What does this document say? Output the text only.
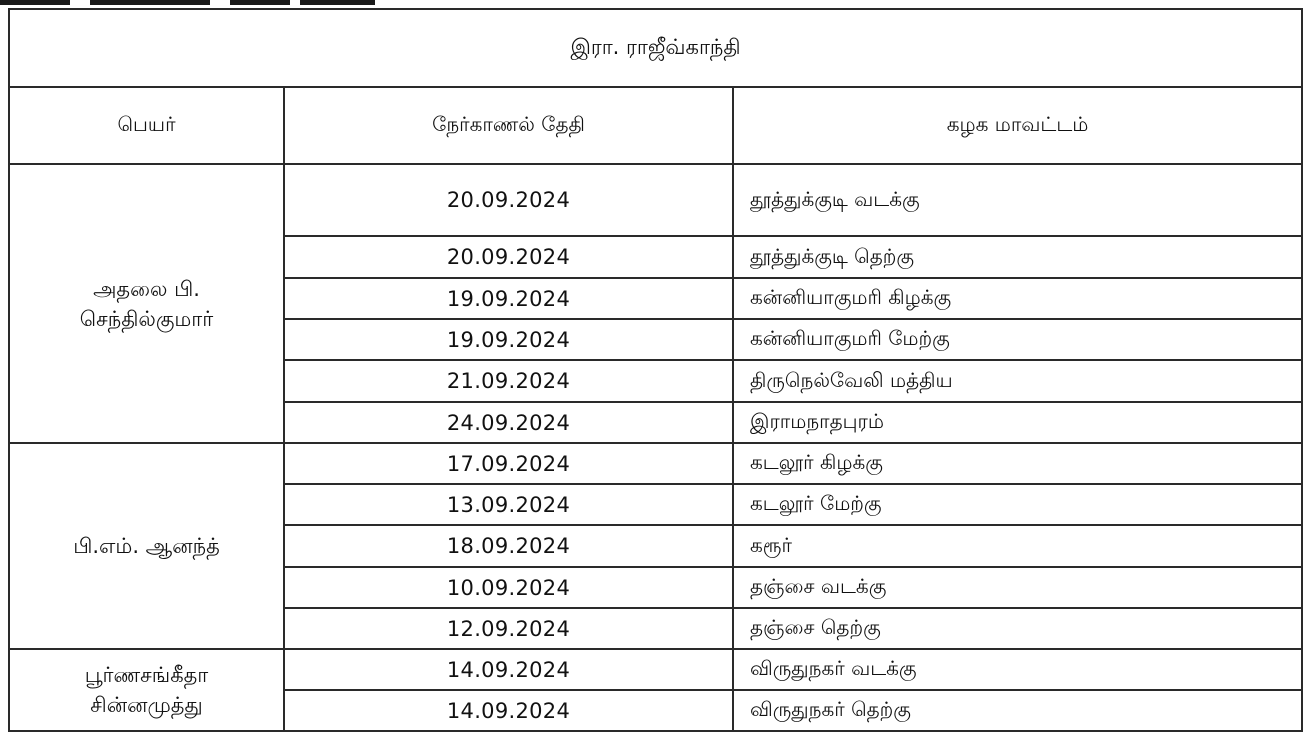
இரா. ராஜீவ்காந்தி		
பெயர்	நேர்காணல் தேதி	கழக மாவட்டம்

அதலை பி.
செந்தில்குமார்	20.09.2024	தூத்துக்குடி வடக்கு
	20.09.2024	தூத்துக்குடி தெற்கு
	19.09.2024	கன்னியாகுமரி கிழக்கு
	19.09.2024	கன்னியாகுமரி மேற்கு
	21.09.2024	திருநெல்வேலி மத்திய
	24.09.2024	இராமநாதபுரம்

பி.எம். ஆனந்த்	17.09.2024	கடலூர் கிழக்கு
	13.09.2024	கடலூர் மேற்கு
	18.09.2024	கரூர்
	10.09.2024	தஞ்சை வடக்கு
	12.09.2024	தஞ்சை தெற்கு

பூர்ணசங்கீதா
சின்னமுத்து	14.09.2024	விருதுநகர் வடக்கு
	14.09.2024	விருதுநகர் தெற்கு
